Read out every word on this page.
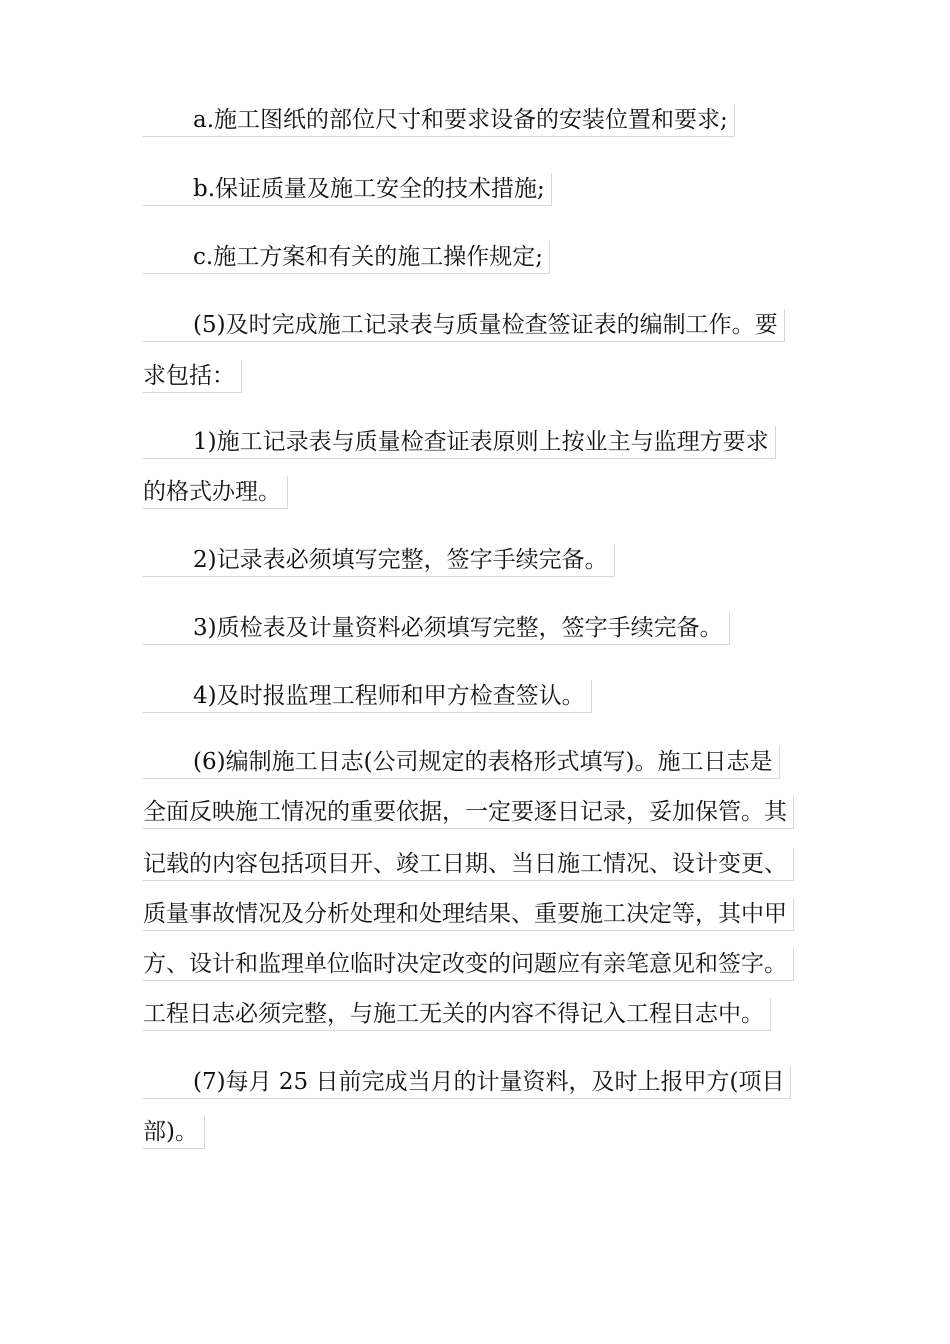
a.施工图纸的部位尺寸和要求设备的安装位置和要求;
b.保证质量及施工安全的技术措施;
c.施工方案和有关的施工操作规定;
(5)及时完成施工记录表与质量检查签证表的编制工作。要
求包括：
1)施工记录表与质量检查证表原则上按业主与监理方要求
的格式办理。
2)记录表必须填写完整，签字手续完备。
3)质检表及计量资料必须填写完整，签字手续完备。
4)及时报监理工程师和甲方检查签认。
(6)编制施工日志(公司规定的表格形式填写)。施工日志是
全面反映施工情况的重要依据，一定要逐日记录，妥加保管。其
记载的内容包括项目开、竣工日期、当日施工情况、设计变更、
质量事故情况及分析处理和处理结果、重要施工决定等，其中甲
方、设计和监理单位临时决定改变的问题应有亲笔意见和签字。
工程日志必须完整，与施工无关的内容不得记入工程日志中。
(7)每月 25 日前完成当月的计量资料，及时上报甲方(项目
部)。
